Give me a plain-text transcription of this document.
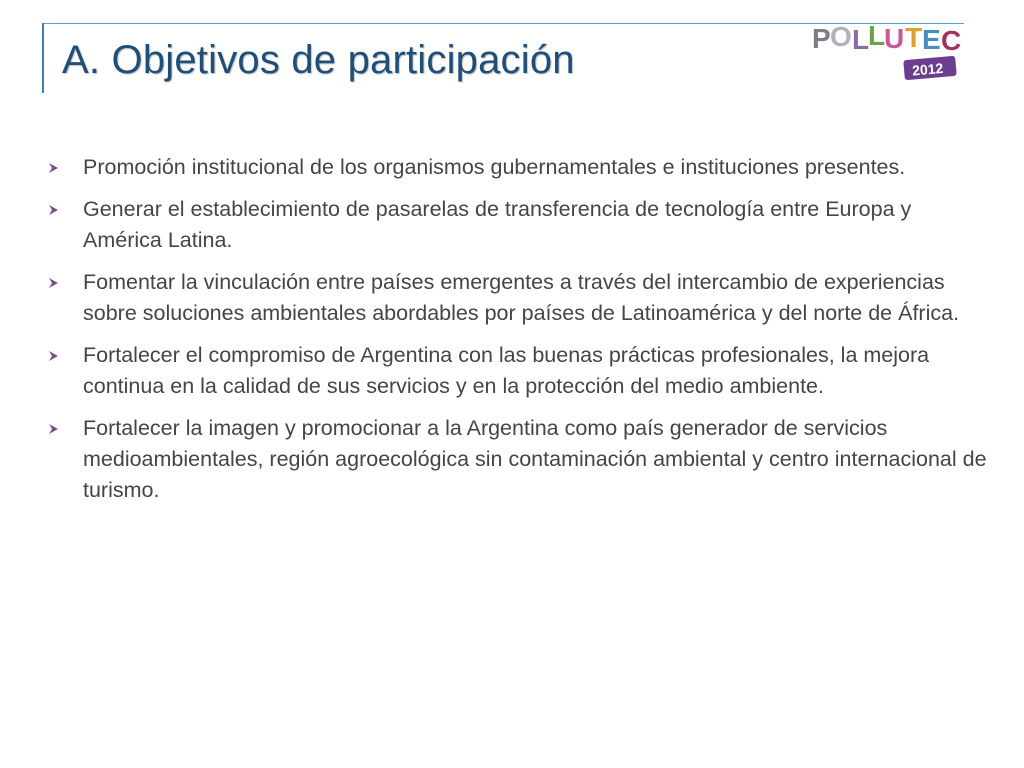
A. Objetivos de participación	P O L
L
U T E C
2012
Promoción institucional de los organismos gubernamentales e instituciones presentes.
Generar el establecimiento de pasarelas de transferencia de tecnología entre Europa y América Latina.
Fomentar la vinculación entre países emergentes a través del intercambio de experiencias sobre soluciones ambientales abordables por países de Latinoamérica y del norte de África.
Fortalecer el compromiso de Argentina con las buenas prácticas profesionales, la mejora continua en la calidad de sus servicios y en la protección del medio ambiente.
Fortalecer la imagen y promocionar a la Argentina como país generador de servicios medioambientales, región agroecológica sin contaminación ambiental y centro internacional de turismo.
